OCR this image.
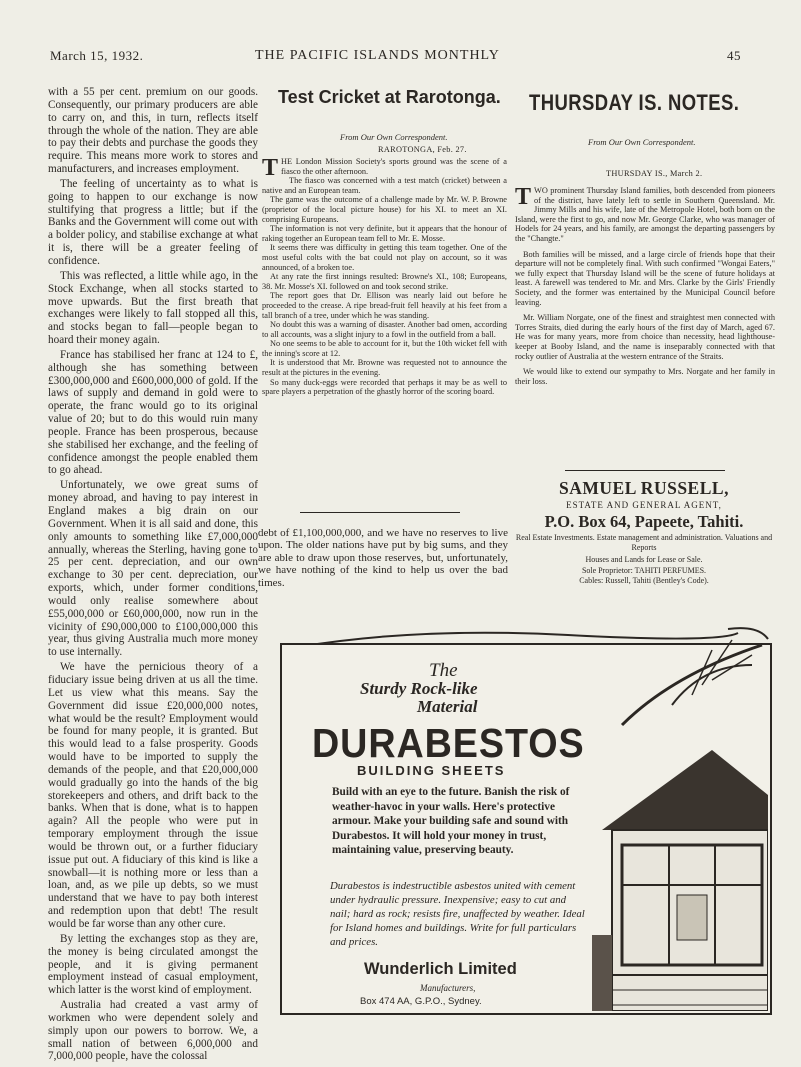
March 15, 1932.	THE PACIFIC ISLANDS MONTHLY	45

with a 55 per cent. premium on our goods. Consequently, our primary producers are able to carry on, and this, in turn, reflects itself through the whole of the nation. They are able to pay their debts and purchase the goods they require. This means more work to stores and manufacturers, and increases employment.

The feeling of uncertainty as to what is going to happen to our exchange is now stultifying that progress a little; but if the Banks and the Government will come out with a bolder policy, and stabilise exchange at what it is, there will be a greater feeling of confidence.

This was reflected, a little while ago, in the Stock Exchange, when all stocks started to move upwards. But the first breath that exchanges were likely to fall stopped all this, and stocks began to fall—people began to hoard their money again.

France has stabilised her franc at 124 to £, although she has something between £300,000,000 and £600,000,000 of gold. If the laws of supply and demand in gold were to operate, the franc would go to its original value of 20; but to do this would ruin many people. France has been prosperous, because she stabilised her exchange, and the feeling of confidence amongst the people enabled them to go ahead.

Unfortunately, we owe great sums of money abroad, and having to pay interest in England makes a big drain on our Government. When it is all said and done, this only amounts to something like £7,000,000 annually, whereas the Sterling, having gone to 25 per cent. depreciation, and our own exchange to 30 per cent. depreciation, our exports, which, under former conditions, would only realise somewhere about £55,000,000 or £60,000,000, now run in the vicinity of £90,000,000 to £100,000,000 this year, thus giving Australia much more money to use internally.

We have the pernicious theory of a fiduciary issue being driven at us all the time. Let us view what this means. Say the Government did issue £20,000,000 notes, what would be the result? Employment would be found for many people, it is granted. But this would lead to a false prosperity. Goods would have to be imported to supply the demands of the people, and that £20,000,000 would gradually go into the hands of the big storekeepers and others, and drift back to the banks. When that is done, what is to happen again? All the people who were put in temporary employment through the issue would be thrown out, or a further fiduciary issue put out. A fiduciary of this kind is like a snowball—it is nothing more or less than a loan, and, as we pile up debts, so we must understand that we have to pay both interest and redemption upon that debt! The result would be far worse than any other cure.

By letting the exchanges stop as they are, the money is being circulated amongst the people, and it is giving permanent employment instead of casual employment, which latter is the worst kind of employment.

Australia had created a vast army of workmen who were dependent solely and simply upon our powers to borrow. We, a small nation of between 6,000,000 and 7,000,000 people, have the colossal

Test Cricket at Rarotonga.
From Our Own Correspondent.
RAROTONGA, Feb. 27.

THE London Mission Society's sports ground was the scene of a fiasco the other afternoon.

The fiasco was concerned with a test match (cricket) between a native and an European team.

The game was the outcome of a challenge made by Mr. W. P. Browne (proprietor of the local picture house) for his XI. to meet an XI. comprising Europeans.

The information is not very definite, but it appears that the honour of raking together an European team fell to Mr. E. Mosse.

It seems there was difficulty in getting this team together. One of the most useful colts with the bat could not play on account, so it was announced, of a broken toe.

At any rate the first innings resulted: Browne's XI., 108; Europeans, 38. Mr. Mosse's XI. followed on and took second strike.

The report goes that Dr. Ellison was nearly laid out before he proceeded to the crease. A ripe bread-fruit fell heavily at his feet from a tall branch of a tree, under which he was standing.

No doubt this was a warning of disaster. Another bad omen, according to all accounts, was a slight injury to a fowl in the outfield from a ball.

No one seems to be able to account for it, but the 10th wicket fell with the inning's score at 12.

It is understood that Mr. Browne was requested not to announce the result at the pictures in the evening.

So many duck-eggs were recorded that perhaps it may be as well to spare players a perpetration of the ghastly horror of the scoring board.

debt of £1,100,000,000, and we have no reserves to live upon. The older nations have put by big sums, and they are able to draw upon those reserves, but, unfortunately, we have nothing of the kind to help us over the bad times.
THURSDAY IS. NOTES.
From Our Own Correspondent.
THURSDAY IS., March 2.

TWO prominent Thursday Island families, both descended from pioneers of the district, have lately left to settle in Southern Queensland. Mr. Jimmy Mills and his wife, late of the Metropole Hotel, both born on the Island, were the first to go, and now Mr. George Clarke, who was manager of Hodels for 24 years, and his family, are amongst the departing passengers by the "Changte."

Both families will be missed, and a large circle of friends hope that their departure will not be completely final. With such confirmed "Wongai Eaters," we fully expect that Thursday Island will be the scene of future holidays at least. A farewell was tendered to Mr. and Mrs. Clarke by the Girls' Friendly Society, and the former was entertained by the Municipal Council before leaving.

Mr. William Norgate, one of the finest and straightest men connected with Torres Straits, died during the early hours of the first day of March, aged 67. He was for many years, more from choice than necessity, head lighthouse-keeper at Booby Island, and the name is inseparably connected with that rocky outlier of Australia at the western entrance of the Straits.

We would like to extend our sympathy to Mrs. Norgate and her family in their loss.

SAMUEL RUSSELL,
ESTATE AND GENERAL AGENT,
P.O. Box 64, Papeete, Tahiti.
Real Estate Investments. Estate management and administration. Valuations and Reports
Houses and Lands for Lease or Sale.
Sole Proprietor: TAHITI PERFUMES.
Cables: Russell, Tahiti (Bentley's Code).
The
Sturdy Rock-like
Material
DURABESTOS
BUILDING SHEETS
Build with an eye to the future. Banish the risk of weather-havoc in your walls. Here's protective armour. Make your building safe and sound with Durabestos. It will hold your money in trust, maintaining value, preserving beauty.
Durabestos is indestructible asbestos united with cement under hydraulic pressure. Inexpensive; easy to cut and nail; hard as rock; resists fire, unaffected by weather. Ideal for Island homes and buildings. Write for full particulars and prices.
Wunderlich Limited
Manufacturers,
Box 474 AA, G.P.O., Sydney.
